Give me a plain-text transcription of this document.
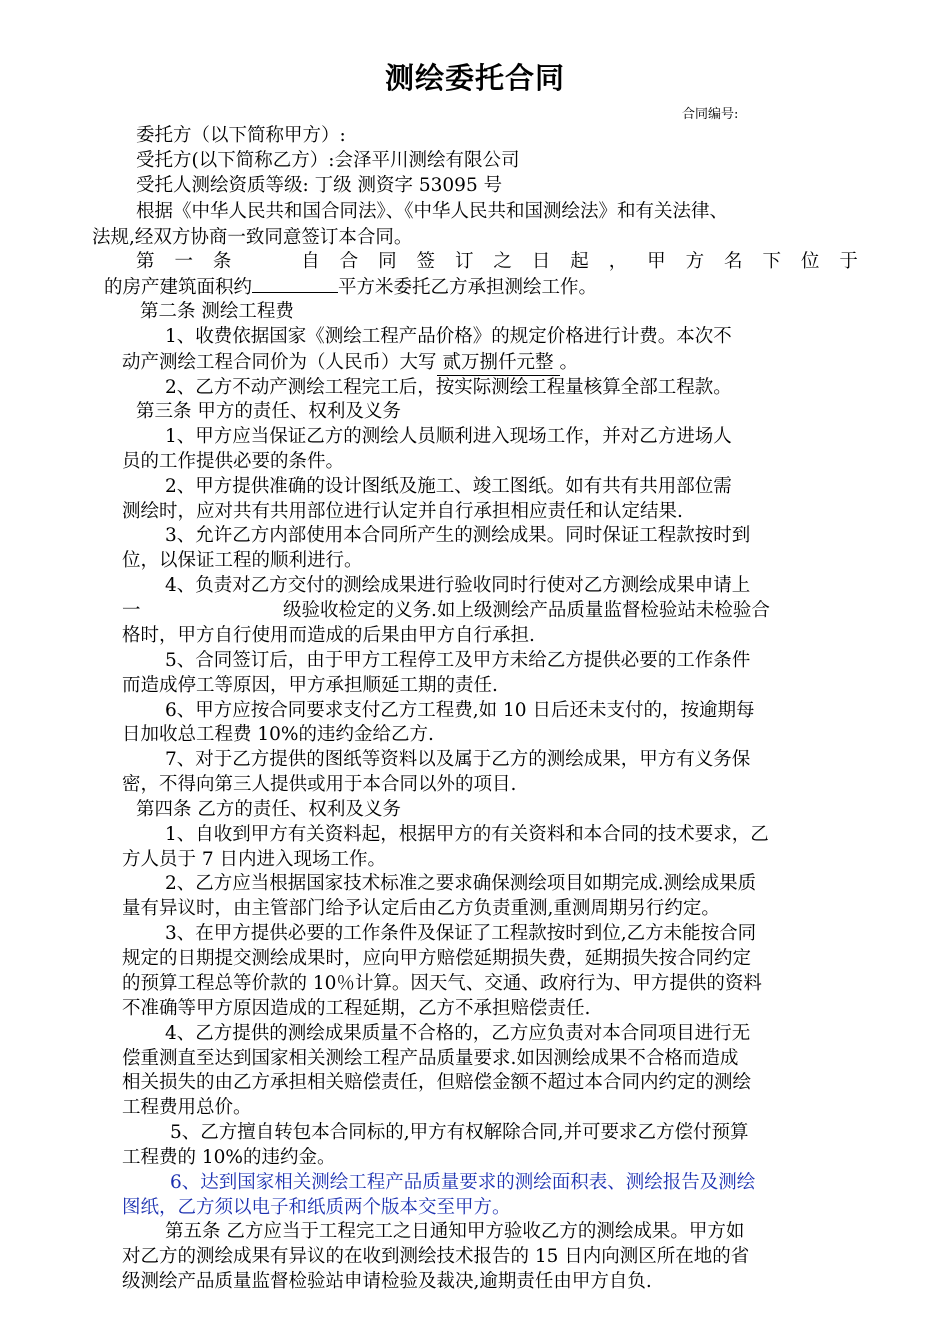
测绘委托合同
合同编号:
委托方（以下简称甲方）:
受托方(以下简称乙方）:会泽平川测绘有限公司
受托人测绘资质等级: 丁级 测资字 53095 号
根据《中华人民共和国合同法》、《中华人民共和国测绘法》和有关法律、
法规,经双方协商一致同意签订本合同。
第 一 条	自 合 同 签 订 之 日 起 ， 甲 方 名 下 位 于
的房产建筑面积约	平方米委托乙方承担测绘工作。
第二条 测绘工程费
1、收费依据国家《测绘工程产品价格》的规定价格进行计费。本次不
动产测绘工程合同价为（人民币）大写 贰万捌仟元整 。
2、乙方不动产测绘工程完工后，按实际测绘工程量核算全部工程款。
第三条 甲方的责任、权利及义务
1、甲方应当保证乙方的测绘人员顺利进入现场工作，并对乙方进场人
员的工作提供必要的条件。
2、甲方提供准确的设计图纸及施工、竣工图纸。如有共有共用部位需
测绘时，应对共有共用部位进行认定并自行承担相应责任和认定结果.
3、允许乙方内部使用本合同所产生的测绘成果。同时保证工程款按时到
位，以保证工程的顺利进行。
4、负责对乙方交付的测绘成果进行验收同时行使对乙方测绘成果申请上
一	级验收检定的义务.如上级测绘产品质量监督检验站未检验合
格时，甲方自行使用而造成的后果由甲方自行承担.
5、合同签订后，由于甲方工程停工及甲方未给乙方提供必要的工作条件
而造成停工等原因，甲方承担顺延工期的责任.
6、甲方应按合同要求支付乙方工程费,如 10 日后还未支付的，按逾期每
日加收总工程费 10%的违约金给乙方.
7、对于乙方提供的图纸等资料以及属于乙方的测绘成果，甲方有义务保
密，不得向第三人提供或用于本合同以外的项目.
第四条 乙方的责任、权利及义务
1、自收到甲方有关资料起，根据甲方的有关资料和本合同的技术要求，乙
方人员于 7 日内进入现场工作。
2、乙方应当根据国家技术标准之要求确保测绘项目如期完成.测绘成果质
量有异议时，由主管部门给予认定后由乙方负责重测,重测周期另行约定。
3、在甲方提供必要的工作条件及保证了工程款按时到位,乙方未能按合同
规定的日期提交测绘成果时，应向甲方赔偿延期损失费，延期损失按合同约定
的预算工程总等价款的 10％计算。因天气、交通、政府行为、甲方提供的资料
不准确等甲方原因造成的工程延期，乙方不承担赔偿责任.
4、乙方提供的测绘成果质量不合格的，乙方应负责对本合同项目进行无
偿重测直至达到国家相关测绘工程产品质量要求.如因测绘成果不合格而造成
相关损失的由乙方承担相关赔偿责任，但赔偿金额不超过本合同内约定的测绘
工程费用总价。
5、乙方擅自转包本合同标的,甲方有权解除合同,并可要求乙方偿付预算
工程费的 10%的违约金。
6、达到国家相关测绘工程产品质量要求的测绘面积表、测绘报告及测绘
图纸，乙方须以电子和纸质两个版本交至甲方。
第五条 乙方应当于工程完工之日通知甲方验收乙方的测绘成果。甲方如
对乙方的测绘成果有异议的在收到测绘技术报告的 15 日内向测区所在地的省
级测绘产品质量监督检验站申请检验及裁决,逾期责任由甲方自负.
